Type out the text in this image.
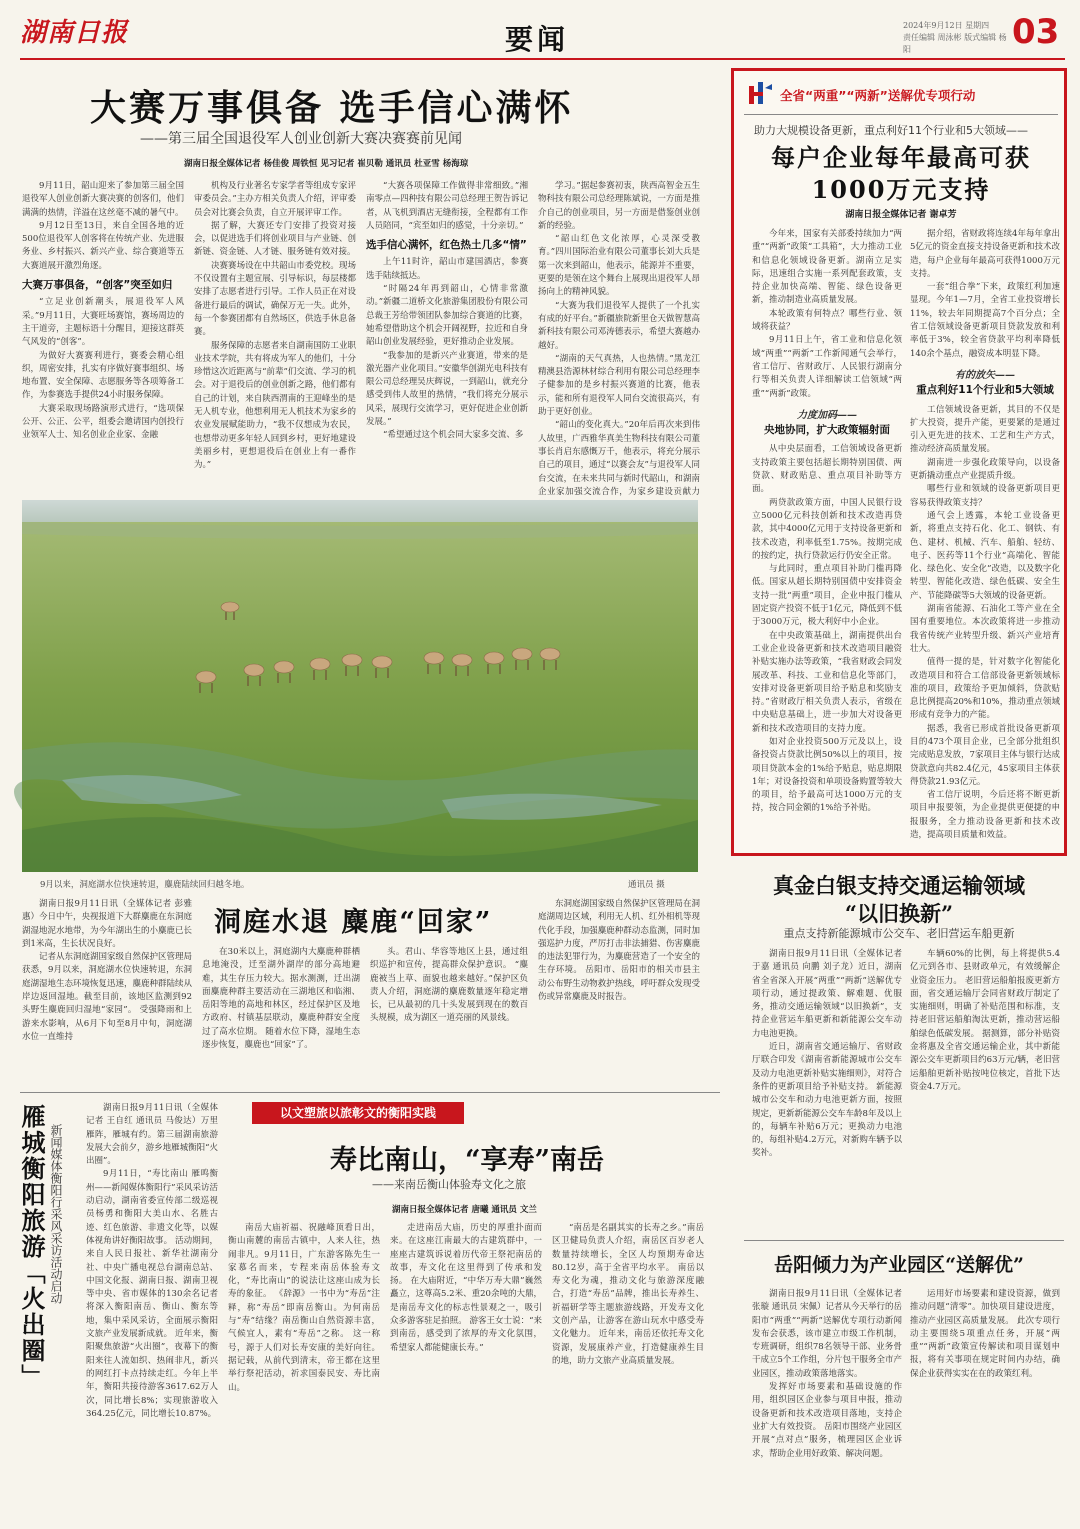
湖南日报	要闻	2024年9月12日 星期四
责任编辑 周泳彬 版式编辑 杨阳	03
大赛万事俱备 选手信心满怀
——第三届全国退役军人创业创新大赛决赛赛前见闻
湖南日报全媒体记者 杨佳俊 周铁恒 见习记者 崔贝勒 通讯员 杜亚雪 杨海琼

9月11日，韶山迎来了参加第三届全国退役军人创业创新大赛决赛的创客们，他们满满的热情，洋溢在这丝毫不减的暑气中。

9月12日至13日，来自全国各地的近500位退役军人创客将在传统产业、先进服务业、乡村振兴、新兴产业、综合赛道等五大赛道展开激烈角逐。

大赛万事俱备，“创客”突至如归

“立足业创新潮头，展退役军人风采。”9月11日，大赛旺场赛馆，赛场周边的主干道旁，主题标语十分醒目，迎接这群英气风发的“创客”。

为做好大赛赛利进行，赛委会精心组织，周密安排，扎实有序做好赛事组织、场地布置、安全保障、志愿服务等各项筹备工作，为参赛选手提供24小时服务保障。

大赛采取现场路演形式进行，“选项保公开、公正、公平，组委会邀请国内创投行业领军人士、知名创业企业家、金融

机构及行业著名专家学者等组成专家评审委员会。”主办方相关负责人介绍，评审委员会对比赛会负责，自立开展评审工作。

据了解，大赛还专门安排了投资对接会，以促进选手们将创业项目与产业链、创新链、资金链、人才链、服务链有效对接。

决赛赛场设在中共韶山市委党校。现场不仅设置有主题宣展、引导标识，每层楼都安排了志愿者进行引导。工作人员正在对设备进行最后的调试，确保万无一失。此外，每一个参赛团都有自然场区，供选手休息备赛。

服务保障的志愿者来自湖南国防工业职业技术学院，共有将成为军人的他们，十分珍惜这次近距离与“前辈”们交流、学习的机会。对于退役后的创业创新之路，他们都有自己的计划，来自陕西渭南的王迎峰坐的是无人机专业，他想利用无人机技术为家乡的农业发展赋能助力，“我不仅想成为农民，也想带动更多年轻人回到乡村，更好地建设美丽乡村，更想退役后在创业上有一番作为。”

“大赛各项保障工作做得非常细致。”湘南零点—四种技有限公司总经理王贺告诉记者，从飞机到酒店无缝衔接，全程都有工作人员陪同，“宾至如归的感觉，十分亲切。”

选手信心满怀，红色热土几多“情”

上午11时许，韶山市建国酒店，参赛选手陆续抵达。

“时隔24年再到韶山，心情非常激动。”新疆二道桥文化旅游集团股份有限公司总裁王芳给带领团队参加综合赛道的比赛，她希望借助这个机会开阔视野，拉近和自身韶山创业发展经验，更好推动企业发展。

“我参加的是新兴产业赛道，带来的是激光器产业化项目。”安徽华创湖光电科技有限公司总经理吴庆辉说，一到韶山，就充分感受到伟人故里的热情，“我们将充分展示风采，展现行交流学习，更好促进企业创新发展。”

“希望通过这个机会同大家多交流、多

学习。”据起参赛初衷，陕西高智金五生物科技有限公司总经理陈斌说，一方面是推介自己的创业项目，另一方面是借鉴创业创新的经验。

“韶山红色文化浓厚，心灵深受教育。”四川国际治业有限公司董事长刘大兵是第一次来到韶山，他表示，能源并不重要，更要的是领在这个舞台上展现出退役军人昂扬向上的精神风貌。

“大赛为我们退役军人提供了一个扎实有成的好平台。”新疆旅院新里仓天做智慧高新科技有限公司邓涛德表示，希望大赛越办越好。

“湖南的天气真热，人也热情。”黑龙江精澳县浩源林材综合利用有限公司总经理李子健参加的是乡村振兴赛道的比赛，他表示，能和所有退役军人同台交流很高兴，有助于更好创业。

“韶山的变化真大。”20年后再次来到伟人故里，广西雅华真美生物科技有限公司董事长肖启东感慨万千，他表示，将充分展示自己的项目，通过“以赛会友”与退役军人同台交流，在未来共同与新时代韶山，和湖南企业家加强交流合作，为家乡建设贡献力

9月以来，洞庭湖水位快速转退，麋鹿陆续回归越冬地。	通讯员 摄

湖南日报9月11日讯（全媒体记者 彭雅惠）今日中午，央视报道下大群麋鹿在东洞庭湖湿地泥水地带，为今年湖出生的小麋鹿已长到1米高，生长状况良好。

记者从东洞庭湖国家级自然保护区管理局获悉，9月以来，洞庭湖水位快速转退，东洞庭湖湿地生态环境恢复迅速，麋鹿种群陆续从岸边返回湿地。截至目前，该地区监测到92头野生麋鹿回归湿地“家园”。 受强降雨和上游来水影响，从6月下旬至8月中旬，洞庭湖水位一直维持

洞庭水退 麋鹿“回家”

在30米以上，洞庭湖内大麋鹿种群栖息地淹没，迁至湖外湖岸的部分高地避难，其生存压力较大。据水测测，迁出湖面麋鹿种群主要活动在三湖地区和临湘、岳阳等地的高地和林区，经过保护区及地方政府、村镇基层联动，麋鹿种群安全度过了高水位期。 随着水位下降，湿地生态逐步恢复，麋鹿也“回家”了。

头。君山、华容等地区上县，通过组织巡护和宣传，提高群众保护意识。 “麋鹿被当上草、面貌也越来越好。”保护区负责人介绍，洞庭湖的麋鹿数量逐年稳定增长，已从最初的几十头发展到现在的数百头规模，成为湖区一道亮丽的风景线。

东洞庭湖国家级自然保护区管理局在洞庭湖周边区域，利用无人机、红外相机等现代化手段，加强麋鹿种群动态监测，同时加强巡护力度，严厉打击非法捕猎、伤害麋鹿的违法犯罪行为，为麋鹿营造了一个安全的生存环境。 岳阳市、岳阳市的相关市县主动公布野生动物救护热线，呼吁群众发现受伤或异常麋鹿及时报告。

全省“两重”“两新”送解优专项行动
助力大规模设备更新，重点利好11个行业和5大领域——
每户企业每年最高可获
1000万元支持
湖南日报全媒体记者 谢卓芳

今年来，国家有关部委持续加力“两重”“两新”政策“工具箱”，大力推动工业和信息化领域设备更新。湖南立足实际，迅速组合实施一系列配套政策，支持企业加快高端、智能、绿色设备更新，推动制造业高质量发展。

本轮政策有何特点？哪些行业、领域将获益？

9月11日上午，省工业和信息化领域“两重”“两新”工作新闻通气会举行，省工信厅、省财政厅、人民银行湖南分行等相关负责人详细解读工信领域“两重”“两新”政策。

力度加码——
央地协同，扩大政策辐射面

从中央层面看，工信领域设备更新支持政策主要包括超长期特别国债、两贷款、财政贴息、重点项目补助等方面。

两贷款政策方面，中国人民银行设立5000亿元科技创新和技术改造再贷款，其中4000亿元用于支持设备更新和技术改造，利率低至1.75%。按期完成的按约定，执行贷款运行仍安全正常。

与此同时，重点项目补助门槛再降低。国家从超长期特别国债中安排资金支持一批“两重”项目，企业申报门槛从固定资产投资不低于1亿元，降低到不低于3000万元，极大利好中小企业。

在中央政策基础上，湖南提供出台工业企业设备更新和技术改造项目融资补贴实施办法等政策，“我省财政会同发展改革、科技、工业和信息化等部门，安排对设备更新项目给予贴息和奖励支持。”省财政厅相关负责人表示，省级在中央贴息基础上，进一步加大对设备更新和技术改造项目的支持力度。

如对企业投资500万元及以上，设备投资占贷款比例50%以上的项目，按项目贷款本金的1%给予贴息，贴息期限1年；对设备投资和单项设备购置等较大的项目，给予最高可达1000万元的支持，按合同金额的1%给予补贴。

据介绍，省财政将连续4年每年拿出5亿元的资金直接支持设备更新和技术改造，每户企业每年最高可获得1000万元支持。

一套“组合拳”下来，政策红利加速显现。今年1—7月，全省工业投资增长11%，较去年同期提高7个百分点；全省工信领域设备更新项目贷款发放和利率低于3%，较全省贷款平均利率降低140余个基点，融资成本明显下降。

有的放矢——
重点利好11个行业和5大领域

工信领域设备更新，其目的不仅是扩大投资，提升产能，更要紧的是通过引入更先进的技术、工艺和生产方式，推动经济高质量发展。

湖南进一步强化政策导向，以设备更新撬动重点产业提质升级。

哪些行业和领域的设备更新项目更容易获得政策支持？

通气会上透露，本轮工业设备更新，将重点支持石化、化工、钢铁、有色、建材、机械、汽车、船舶、轻纺、电子、医药等11个行业“高端化、智能化、绿色化、安全化”改造，以及数字化转型、智能化改造、绿色低碳、安全生产、节能降碳等5大领域的设备更新。

湖南省能源、石油化工等产业在全国有重要地位。本次政策将进一步推动我省传统产业转型升级、新兴产业培育壮大。

值得一提的是，针对数字化智能化改造项目和符合工信部设备更新领域标准的项目，政策给予更加倾斜，贷款贴息比例提高20%和10%，推动重点领域形成有竞争力的产能。

据悉，我省已形成首批设备更新项目的473个项目企业，已全部分批组织完成贴息发放，7家项目主体与银行达成贷款意向共82.4亿元，45家项目主体获得贷款21.93亿元。

省工信厅说明，今后还将不断更新项目申报要领，为企业提供更便捷的申报服务，全力推动设备更新和技术改造，提高项目质量和效益。

真金白银支持交通运输领域
“以旧换新”
重点支持新能源城市公交车、老旧营运车船更新

湖南日报9月11日讯（全媒体记者 于嘉 通讯员 向鹏 刘子龙）近日，湖南省全省深入开展“两重”“两新”送解优专项行动，通过提政策、解难题、优服务，推动交通运输领域“以旧换新”，支持企业营运车船更新和新能源公交车动力电池更换。

近日，湖南省交通运输厅、省财政厅联合印发《湖南省新能源城市公交车及动力电池更新补贴实施细则》，对符合条件的更新项目给予补贴支持。 新能源城市公交车和动力电池更新方面，按照规定，更新新能源公交车车龄8年及以上的，每辆车补贴6万元；更换动力电池的，每组补贴4.2万元，对新购车辆予以奖补。

车辆60%的比例，每上将提供5.4亿元到各市、县财政单元，有效缓解企业资金压力。 老旧营运船舶报废更新方面，省交通运输厅会同省财政厅制定了实施细则，明确了补贴范围和标准，支持老旧营运船舶淘汰更新，推动营运船舶绿色低碳发展。 据测算，部分补贴资金将惠及全省交通运输企业，其中新能源公交车更新项目约63万元/辆，老旧营运船舶更新补贴按吨位核定，首批下达资金4.7万元。

岳阳倾力为产业园区“送解优”

湖南日报9月11日讯（全媒体记者 张璇 通讯员 宋佩）记者从今天举行的岳阳市“两重”“两新”送解优专项行动新闻发布会获悉，该市建立市级工作机制，专班调研，组织78名领导干部、业务骨干成立5个工作组，分片包干服务全市产业园区，推动政策落地落实。

发挥好市场要素和基础设施的作用，组织园区企业参与项目申报，推动设备更新和技术改造项目落地，支持企业扩大有效投资。 岳阳市围绕产业园区开展“点对点”服务，梳理园区企业诉求，帮助企业用好政策、解决问题。

运用好市场要素和建设资源，做到推动问题“清零”。加快项目建设进度，推动产业园区高质量发展。 此次专项行动主要围绕5项重点任务，开展“两重”“两新”政策宣传解读和项目谋划申报，将有关事项在规定时间内办结，确保企业获得实实在在的政策红利。

雁城衡阳旅游「火出圈」 新闻媒体衡阳行采风采访活动启动

湖南日报9月11日讯（全媒体记者 王自红 通讯员 马俊达）万里雁阵，雁城有约。第三届湖南旅游发展大会前夕，游乡地雁城衡阳“火出圈”。

9月11日，“寿比南山 雁鸣衡州——新闻媒体衡阳行”采风采访活动启动，湖南省委宣传部二级巡视员杨勇和衡阳大美山水、名胜古迹、红色旅游、非遗文化等，以媒体视角讲好衡阳故事。 活动期间，来自人民日报社、新华社湖南分社、中央广播电视总台湖南总站、中国文化报、湖南日报、湖南卫视等中央、省市媒体的130余名记者将深入衡阳南岳、衡山、衡东等地，集中采风采访，全面展示衡阳文旅产业发展新成就。 近年来，衡阳聚焦旅游“火出圈”，夜幕下的衡阳来往人流如织、热闹非凡，新兴的网红打卡点持续走红。今年上半年，衡阳共接待游客3617.62万人次，同比增长8%；实现旅游收入364.25亿元，同比增长10.87%。

以文塑旅以旅彰文的衡阳实践
寿比南山，“享寿”南岳
——来南岳衡山体验寿文化之旅
湖南日报全媒体记者 唐曦 通讯员 文兰

南岳大庙祈福、祝融峰顶看日出，衡山南麓的南岳古镇中，人来人往，热闹非凡。9月11日，广东游客陈先生一家慕名而来，专程来南岳体验寿文化，“寿比南山”的说法让这座山成为长寿的象征。 《辞源》一书中为“寿岳”注释，称“寿岳”即南岳衡山。为何南岳与“寿”结缘？南岳衡山自然资源丰富，气候宜人，素有“寿岳”之称。 这一称号，源于人们对长寿安康的美好向往。据记载，从前代到清末，帝王都在这里举行祭祀活动，祈求国泰民安、寿比南山。

走进南岳大庙，历史的厚重扑面而来。在这座江南最大的古建筑群中，一座座古建筑诉说着历代帝王祭祀南岳的故事，寿文化在这里得到了传承和发扬。 在大庙附近，“中华万寿大鼎”巍然矗立，这尊高5.2米、重20余吨的大鼎，是南岳寿文化的标志性景观之一，吸引众多游客驻足拍照。 游客王女士说：“来到南岳，感受到了浓厚的寿文化氛围，希望家人都能健康长寿。”

“南岳是名副其实的长寿之乡。”南岳区卫健局负责人介绍，南岳区百岁老人数量持续增长，全区人均预期寿命达80.12岁，高于全省平均水平。 南岳以寿文化为魂，推动文化与旅游深度融合，打造“寿岳”品牌，推出长寿养生、祈福研学等主题旅游线路，开发寿文化文创产品，让游客在游山玩水中感受寿文化魅力。 近年来，南岳还依托寿文化资源，发展康养产业，打造健康养生目的地，助力文旅产业高质量发展。
